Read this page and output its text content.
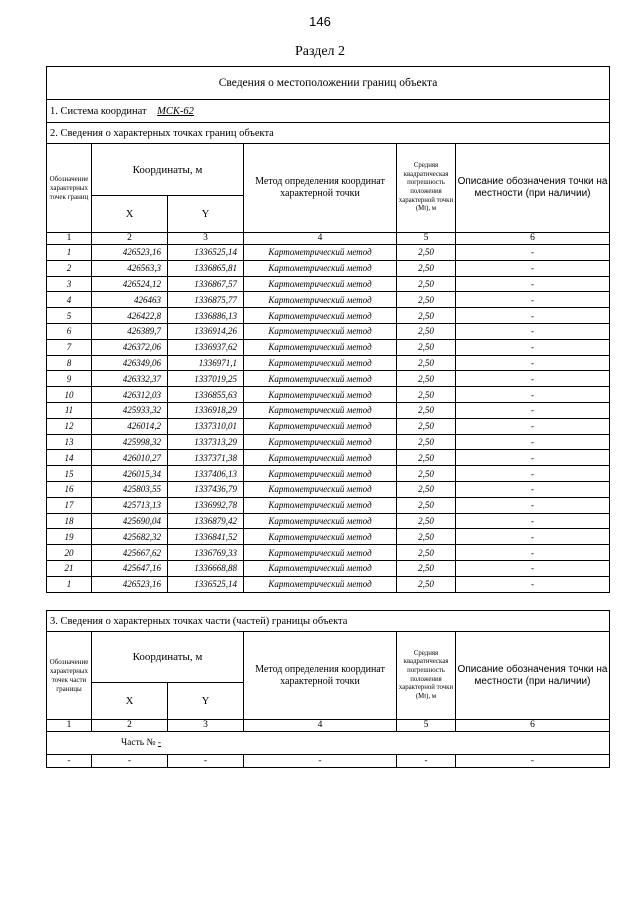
146
Раздел 2
Сведения о местоположении границ объекта					
1. Система координат МСК-62					
2. Сведения о характерных точках границ объекта					
Обозначение характерных точек границ	Координаты, м		Метод определения координат характерной точки	Средняя квадратическая погрешность положения характерной точки (Мt), м	Описание обозначения точки на местности (при наличии)
	X	Y			
1	2	3	4	5	6
1	426523,16	1336525,14	Картометрический метод	2,50	-
2	426563,3	1336865,81	Картометрический метод	2,50	-
3	426524,12	1336867,57	Картометрический метод	2,50	-
4	426463	1336875,77	Картометрический метод	2,50	-
5	426422,8	1336886,13	Картометрический метод	2,50	-
6	426389,7	1336914,26	Картометрический метод	2,50	-
7	426372,06	1336937,62	Картометрический метод	2,50	-
8	426349,06	1336971,1	Картометрический метод	2,50	-
9	426332,37	1337019,25	Картометрический метод	2,50	-
10	426312,03	1336855,63	Картометрический метод	2,50	-
11	425933,32	1336918,29	Картометрический метод	2,50	-
12	426014,2	1337310,01	Картометрический метод	2,50	-
13	425998,32	1337313,29	Картометрический метод	2,50	-
14	426010,27	1337371,38	Картометрический метод	2,50	-
15	426015,34	1337406,13	Картометрический метод	2,50	-
16	425803,55	1337436,79	Картометрический метод	2,50	-
17	425713,13	1336992,78	Картометрический метод	2,50	-
18	425690,04	1336879,42	Картометрический метод	2,50	-
19	425682,32	1336841,52	Картометрический метод	2,50	-
20	425667,62	1336769,33	Картометрический метод	2,50	-
21	425647,16	1336668,88	Картометрический метод	2,50	-
1	426523,16	1336525,14	Картометрический метод	2,50	-
3. Сведения о характерных точках части (частей) границы объекта					
Обозначение характерных точек части границы	Координаты, м		Метод определения координат характерной точки	Средняя квадратическая погрешность положения характерной точки (Мt), м	Описание обозначения точки на местности (при наличии)
	X	Y			
1	2	3	4	5	6
Часть № -					
-	-	-	-	-	-
